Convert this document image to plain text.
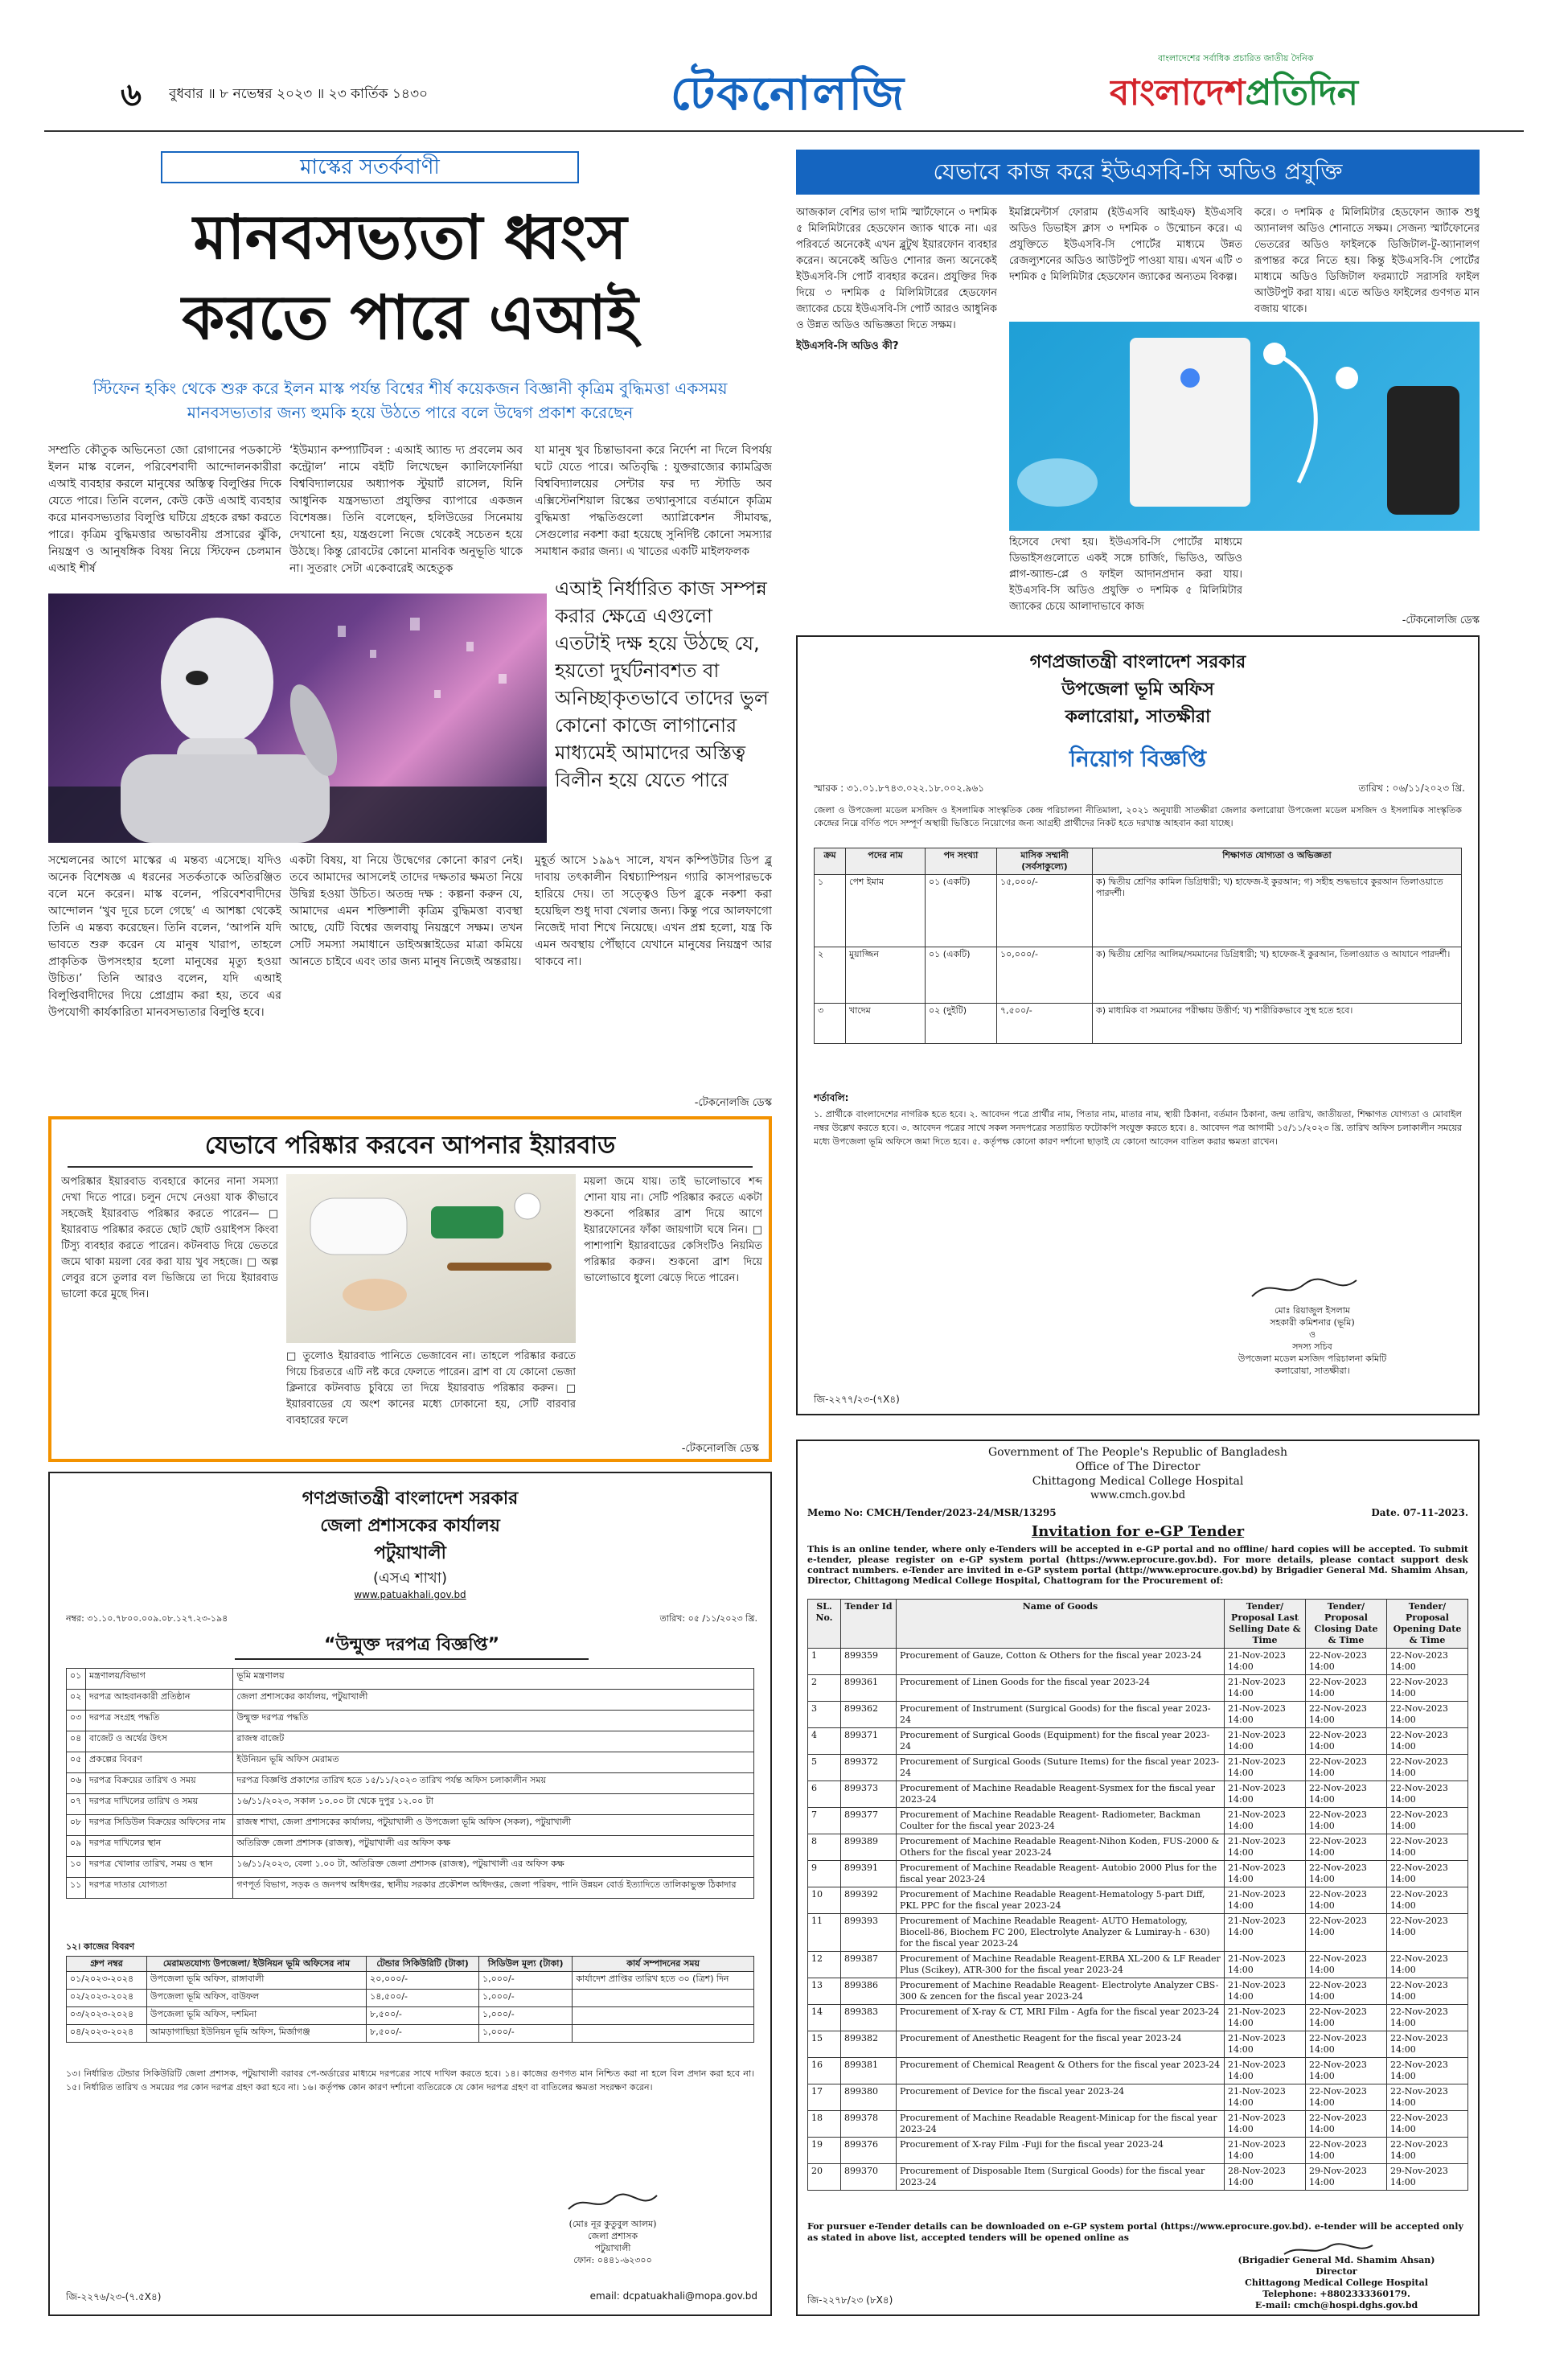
৬	বুধবার ॥ ৮ নভেম্বর ২০২৩ ॥ ২৩ কার্তিক ১৪৩০	টেকনোলজি
বাংলাদেশের সর্বাধিক প্রচারিত জাতীয় দৈনিক
বাংলাদেশপ্রতিদিন
মাস্কের সতর্কবাণী
মানবসভ্যতা ধ্বংস
করতে পারে এআই
স্টিফেন হকিং থেকে শুরু করে ইলন মাস্ক পর্যন্ত বিশ্বের শীর্ষ কয়েকজন বিজ্ঞানী কৃত্রিম বুদ্ধিমত্তা একসময় মানবসভ্যতার জন্য হুমকি হয়ে উঠতে পারে বলে উদ্বেগ প্রকাশ করেছেন
সম্প্রতি কৌতুক অভিনেতা জো রোগানের পডকাস্টে ইলন মাস্ক বলেন, পরিবেশবাদী আন্দোলনকারীরা এআই ব্যবহার করলে মানুষের অস্তিত্ব বিলুপ্তির দিকে যেতে পারে। তিনি বলেন, কেউ কেউ এআই ব্যবহার করে মানবসভ্যতার বিলুপ্তি ঘটিয়ে গ্রহকে রক্ষা করতে পারে। কৃত্রিম বুদ্ধিমত্তার অভাবনীয় প্রসারের ঝুঁকি, নিয়ন্ত্রণ ও আনুষঙ্গিক বিষয় নিয়ে স্টিফেন চেলমান এআই শীর্ষ
‘ইউম্যান কম্প্যাটিবল : এআই অ্যান্ড দ্য প্রবলেম অব কন্ট্রোল’ নামে বইটি লিখেছেন ক্যালিফোর্নিয়া বিশ্ববিদ্যালয়ের অধ্যাপক স্টুয়ার্ট রাসেল, যিনি আধুনিক যন্ত্রসভ্যতা প্রযুক্তির ব্যাপারে একজন বিশেষজ্ঞ। তিনি বলেছেন, হলিউডের সিনেমায় দেখানো হয়, যন্ত্রগুলো নিজে থেকেই সচেতন হয়ে উঠছে। কিন্তু রোবটের কোনো মানবিক অনুভূতি থাকে না। সুতরাং সেটা একেবারেই অহেতুক
যা মানুষ খুব চিন্তাভাবনা করে নির্দেশ না দিলে বিপর্যয় ঘটে যেতে পারে। অতিবৃদ্ধি : যুক্তরাজ্যের ক্যামব্রিজ বিশ্ববিদ্যালয়ের সেন্টার ফর দ্য স্টাডি অব এক্সিস্টেনশিয়াল রিস্কের তথ্যানুসারে বর্তমানে কৃত্রিম বুদ্ধিমত্তা পদ্ধতিগুলো অ্যাপ্লিকেশন সীমাবদ্ধ, সেগুলোর নকশা করা হয়েছে সুনির্দিষ্ট কোনো সমস্যার সমাধান করার জন্য। এ খাতের একটি মাইলফলক
এআই নির্ধারিত কাজ সম্পন্ন করার ক্ষেত্রে এগুলো এতটাই দক্ষ হয়ে উঠছে যে, হয়তো দুর্ঘটনাবশত বা অনিচ্ছাকৃতভাবে তাদের ভুল কোনো কাজে লাগানোর মাধ্যমেই আমাদের অস্তিত্ব বিলীন হয়ে যেতে পারে
সম্মেলনের আগে মাস্কের এ মন্তব্য এসেছে। যদিও অনেক বিশেষজ্ঞ এ ধরনের সতর্কতাকে অতিরঞ্জিত বলে মনে করেন। মাস্ক বলেন, পরিবেশবাদীদের আন্দোলন ‘খুব দূরে চলে গেছে’ এ আশঙ্কা থেকেই তিনি এ মন্তব্য করেছেন। তিনি বলেন, ‘আপনি যদি ভাবতে শুরু করেন যে মানুষ খারাপ, তাহলে প্রাকৃতিক উপসংহার হলো মানুষের মৃত্যু হওয়া উচিত।’ তিনি আরও বলেন, যদি এআই বিলুপ্তিবাদীদের দিয়ে প্রোগ্রাম করা হয়, তবে এর উপযোগী কার্যকারিতা মানবসভ্যতার বিলুপ্তি হবে।
একটা বিষয়, যা নিয়ে উদ্বেগের কোনো কারণ নেই। তবে আমাদের আসলেই তাদের দক্ষতার ক্ষমতা নিয়ে উদ্বিগ্ন হওয়া উচিত। অতন্দ্র দক্ষ : কল্পনা করুন যে, আমাদের এমন শক্তিশালী কৃত্রিম বুদ্ধিমত্তা ব্যবস্থা আছে, যেটি বিশ্বের জলবায়ু নিয়ন্ত্রণে সক্ষম। তখন সেটি সমস্যা সমাধানে ডাইঅক্সাইডের মাত্রা কমিয়ে আনতে চাইবে এবং তার জন্য মানুষ নিজেই অন্তরায়।
মুহূর্ত আসে ১৯৯৭ সালে, যখন কম্পিউটার ডিপ ব্লু দাবায় তৎকালীন বিশ্বচ্যাম্পিয়ন গ্যারি কাসপারভকে হারিয়ে দেয়। তা সত্ত্বেও ডিপ ব্লুকে নকশা করা হয়েছিল শুধু দাবা খেলার জন্য। কিন্তু পরে আলফাগো নিজেই দাবা শিখে নিয়েছে। এখন প্রশ্ন হলো, যন্ত্র কি এমন অবস্থায় পৌঁছাবে যেখানে মানুষের নিয়ন্ত্রণ আর থাকবে না।
-টেকনোলজি ডেস্ক
যেভাবে পরিষ্কার করবেন আপনার ইয়ারবাড
অপরিষ্কার ইয়ারবাড ব্যবহারে কানের নানা সমস্যা দেখা দিতে পারে। চলুন দেখে নেওয়া যাক কীভাবে সহজেই ইয়ারবাড পরিষ্কার করতে পারেন— □ ইয়ারবাড পরিষ্কার করতে ছোট ছোট ওয়াইপস কিংবা টিস্যু ব্যবহার করতে পারেন। কটনবাড দিয়ে ভেতরে জমে থাকা ময়লা বের করা যায় খুব সহজে। □ অল্প লেবুর রসে তুলার বল ভিজিয়ে তা দিয়ে ইয়ারবাড ভালো করে মুছে দিন।
□ তুলোও ইয়ারবাড পানিতে ভেজাবেন না। তাহলে পরিষ্কার করতে গিয়ে চিরতরে এটি নষ্ট করে ফেলতে পারেন। ব্রাশ বা যে কোনো ভেজা ক্লিনারে কটনবাড চুবিয়ে তা দিয়ে ইয়ারবাড পরিষ্কার করুন। □ ইয়ারবাডের যে অংশ কানের মধ্যে ঢোকানো হয়, সেটি বারবার ব্যবহারের ফলে
ময়লা জমে যায়। তাই ভালোভাবে শব্দ শোনা যায় না। সেটি পরিষ্কার করতে একটা শুকনো পরিষ্কার ব্রাশ দিয়ে আগে ইয়ারফোনের ফাঁকা জায়গাটা ঘষে নিন। □ পাশাপাশি ইয়ারবাডের কেসিংটিও নিয়মিত পরিষ্কার করুন। শুকনো ব্রাশ দিয়ে ভালোভাবে ধুলো ঝেড়ে দিতে পারেন।
-টেকনোলজি ডেস্ক
যেভাবে কাজ করে ইউএসবি-সি অডিও প্রযুক্তি
আজকাল বেশির ভাগ দামি স্মার্টফোনে ৩ দশমিক ৫ মিলিমিটারের হেডফোন জ্যাক থাকে না। এর পরিবর্তে অনেকেই এখন ব্লুটুথ ইয়ারফোন ব্যবহার করেন। অনেকেই অডিও শোনার জন্য অনেকেই ইউএসবি-সি পোর্ট ব্যবহার করেন। প্রযুক্তির দিক দিয়ে ৩ দশমিক ৫ মিলিমিটারের হেডফোন জ্যাকের চেয়ে ইউএসবি-সি পোর্ট আরও আধুনিক ও উন্নত অডিও অভিজ্ঞতা দিতে সক্ষম।
ইউএসবি-সি অডিও কী?
ইমপ্লিমেন্টার্স ফোরাম (ইউএসবি আইএফ) ইউএসবি অডিও ডিভাইস ক্লাস ৩ দশমিক ০ উন্মোচন করে। এ প্রযুক্তিতে ইউএসবি-সি পোর্টের মাধ্যমে উন্নত রেজল্যুশনের অডিও আউটপুট পাওয়া যায়। এখন এটি ৩ দশমিক ৫ মিলিমিটার হেডফোন জ্যাকের অন্যতম বিকল্প।
করে। ৩ দশমিক ৫ মিলিমিটার হেডফোন জ্যাক শুধু অ্যানালগ অডিও শোনাতে সক্ষম। সেজন্য স্মার্টফোনের ভেতরের অডিও ফাইলকে ডিজিটাল-টু-অ্যানালগ রূপান্তর করে নিতে হয়। কিন্তু ইউএসবি-সি পোর্টের মাধ্যমে অডিও ডিজিটাল ফরম্যাটে সরাসরি ফাইল আউটপুট করা যায়। এতে অডিও ফাইলের গুণগত মান বজায় থাকে।
হিসেবে দেখা হয়। ইউএসবি-সি পোর্টের মাধ্যমে ডিভাইসগুলোতে একই সঙ্গে চার্জিং, ভিডিও, অডিও প্লাগ-অ্যান্ড-প্লে ও ফাইল আদানপ্রদান করা যায়। ইউএসবি-সি অডিও প্রযুক্তি ৩ দশমিক ৫ মিলিমিটার জ্যাকের চেয়ে আলাদাভাবে কাজ
-টেকনোলজি ডেস্ক
গণপ্রজাতন্ত্রী বাংলাদেশ সরকার
উপজেলা ভূমি অফিস
কলারোয়া, সাতক্ষীরা
নিয়োগ বিজ্ঞপ্তি
স্মারক : ৩১.০১.৮৭৪৩.০২২.১৮.০০২.৯৬১	তারিখ : ০৬/১১/২০২৩ খ্রি.
জেলা ও উপজেলা মডেল মসজিদ ও ইসলামিক সাংস্কৃতিক কেন্দ্র পরিচালনা নীতিমালা, ২০২১ অনুযায়ী সাতক্ষীরা জেলার কলারোয়া উপজেলা মডেল মসজিদ ও ইসলামিক সাংস্কৃতিক কেন্দ্রের নিম্নে বর্ণিত পদে সম্পূর্ণ অস্থায়ী ভিত্তিতে নিয়োগের জন্য আগ্রহী প্রার্থীদের নিকট হতে দরখাস্ত আহবান করা যাচ্ছে।
ক্রম	পদের নাম	পদ সংখ্যা	মাসিক সম্মানী (সর্বসাকুল্যে)	শিক্ষাগত যোগ্যতা ও অভিজ্ঞতা
১	পেশ ইমাম	০১ (একটি)	১৫,০০০/-	ক) দ্বিতীয় শ্রেণির কামিল ডিগ্রিধারী; খ) হাফেজ-ই কুরআন; গ) সহীহ শুদ্ধভাবে কুরআন তিলাওয়াতে পারদর্শী।
২	মুয়াজ্জিন	০১ (একটি)	১০,০০০/-	ক) দ্বিতীয় শ্রেণির আলিম/সমমানের ডিগ্রিধারী; খ) হাফেজ-ই কুরআন, তিলাওয়াত ও আযানে পারদর্শী।
৩	খাদেম	০২ (দুইটি)	৭,৫০০/-	ক) মাধ্যমিক বা সমমানের পরীক্ষায় উত্তীর্ণ; খ) শারীরিকভাবে সুস্থ হতে হবে।
শর্তাবলি:
১. প্রার্থীকে বাংলাদেশের নাগরিক হতে হবে। ২. আবেদন পত্রে প্রার্থীর নাম, পিতার নাম, মাতার নাম, স্থায়ী ঠিকানা, বর্তমান ঠিকানা, জন্ম তারিখ, জাতীয়তা, শিক্ষাগত যোগ্যতা ও মোবাইল নম্বর উল্লেখ করতে হবে। ৩. আবেদন পত্রের সাথে সকল সনদপত্রের সত্যায়িত ফটোকপি সংযুক্ত করতে হবে। ৪. আবেদন পত্র আগামী ১৫/১১/২০২৩ খ্রি. তারিখ অফিস চলাকালীন সময়ের মধ্যে উপজেলা ভূমি অফিসে জমা দিতে হবে। ৫. কর্তৃপক্ষ কোনো কারণ দর্শানো ছাড়াই যে কোনো আবেদন বাতিল করার ক্ষমতা রাখেন।
মোঃ রিয়াজুল ইসলাম
সহকারী কমিশনার (ভূমি)
ও
সদস্য সচিব
উপজেলা মডেল মসজিদ পরিচালনা কমিটি
কলারোয়া, সাতক্ষীরা।
জি-২২৭৭/২৩-(৭X৪)
গণপ্রজাতন্ত্রী বাংলাদেশ সরকার
জেলা প্রশাসকের কার্যালয়
পটুয়াখালী
(এসএ শাখা)
www.patuakhali.gov.bd
নম্বর: ৩১.১০.৭৮০০.০০৯.০৮.১২৭.২৩-১৯৪	তারিখ: ০৫ /১১/২০২৩ খ্রি.
“উন্মুক্ত দরপত্র বিজ্ঞপ্তি”
০১	মন্ত্রণালয়/বিভাগ	ভূমি মন্ত্রণালয়
০২	দরপত্র আহবানকারী প্রতিষ্ঠান	জেলা প্রশাসকের কার্যালয়, পটুয়াখালী
০৩	দরপত্র সংগ্রহ পদ্ধতি	উন্মুক্ত দরপত্র পদ্ধতি
০৪	বাজেট ও অর্থের উৎস	রাজস্ব বাজেট
০৫	প্রকল্পের বিবরণ	ইউনিয়ন ভূমি অফিস মেরামত
০৬	দরপত্র বিক্রয়ের তারিখ ও সময়	দরপত্র বিজ্ঞপ্তি প্রকাশের তারিখ হতে ১৫/১১/২০২৩ তারিখ পর্যন্ত অফিস চলাকালীন সময়
০৭	দরপত্র দাখিলের তারিখ ও সময়	১৬/১১/২০২৩, সকাল ১০.০০ টা থেকে দুপুর ১২.০০ টা
০৮	দরপত্র সিডিউল বিক্রয়ের অফিসের নাম	রাজস্ব শাখা, জেলা প্রশাসকের কার্যালয়, পটুয়াখালী ও উপজেলা ভূমি অফিস (সকল), পটুয়াখালী
০৯	দরপত্র দাখিলের স্থান	অতিরিক্ত জেলা প্রশাসক (রাজস্ব), পটুয়াখালী এর অফিস কক্ষ
১০	দরপত্র খোলার তারিখ, সময় ও স্থান	১৬/১১/২০২৩, বেলা ১.০০ টা, অতিরিক্ত জেলা প্রশাসক (রাজস্ব), পটুয়াখালী এর অফিস কক্ষ
১১	দরপত্র দাতার যোগ্যতা	গণপূর্ত বিভাগ, সড়ক ও জনপথ অধিদপ্তর, স্থানীয় সরকার প্রকৌশল অধিদপ্তর, জেলা পরিষদ, পানি উন্নয়ন বোর্ড ইত্যাদিতে তালিকাভুক্ত ঠিকাদার
১২। কাজের বিবরণ
গ্রুপ নম্বর	মেরামতযোগ্য উপজেলা/ ইউনিয়ন ভূমি অফিসের নাম	টেন্ডার সিকিউরিটি (টাকা)	সিডিউল মূল্য (টাকা)	কার্য সম্পাদনের সময়
০১/২০২৩-২০২৪	উপজেলা ভূমি অফিস, রাঙ্গাবালী	২০,০০০/-	১,০০০/-	কার্যাদেশ প্রাপ্তির তারিখ হতে ৩০ (ত্রিশ) দিন
০২/২০২৩-২০২৪	উপজেলা ভূমি অফিস, বাউফল	১৪,৫০০/-	১,০০০/-	
০৩/২০২৩-২০২৪	উপজেলা ভূমি অফিস, দশমিনা	৮,৫০০/-	১,০০০/-	
০৪/২০২৩-২০২৪	আমড়াগাছিয়া ইউনিয়ন ভূমি অফিস, মির্জাগঞ্জ	৮,৫০০/-	১,০০০/-	
১৩। নির্ধারিত টেন্ডার সিকিউরিটি জেলা প্রশাসক, পটুয়াখালী বরাবর পে-অর্ডারের মাধ্যমে দরপত্রের সাথে দাখিল করতে হবে। ১৪। কাজের গুণগত মান নিশ্চিত করা না হলে বিল প্রদান করা হবে না। ১৫। নির্ধারিত তারিখ ও সময়ের পর কোন দরপত্র গ্রহণ করা হবে না। ১৬। কর্তৃপক্ষ কোন কারণ দর্শানো ব্যতিরেকে যে কোন দরপত্র গ্রহণ বা বাতিলের ক্ষমতা সংরক্ষণ করেন।
(মোঃ নূর কুতুবুল আলম)
জেলা প্রশাসক
পটুয়াখালী
ফোন: ০৪৪১-৬২৩০০
জি-২২৭৬/২৩-(৭.৫X৪)	email: dcpatuakhali@mopa.gov.bd
Government of The People's Republic of Bangladesh
Office of The Director
Chittagong Medical College Hospital
www.cmch.gov.bd
Memo No: CMCH/Tender/2023-24/MSR/13295	Date. 07-11-2023.
Invitation for e-GP Tender
This is an online tender, where only e-Tenders will be accepted in e-GP portal and no offline/ hard copies will be accepted. To submit e-tender, please register on e-GP system portal (https://www.eprocure.gov.bd). For more details, please contact support desk contract numbers. e-Tender are invited in e-GP system portal (http://www.eprocure.gov.bd) by Brigadier General Md. Shamim Ahsan, Director, Chittagong Medical College Hospital, Chattogram for the Procurement of:
SL. No.	Tender Id	Name of Goods	Tender/ Proposal Last Selling Date & Time	Tender/ Proposal Closing Date & Time	Tender/ Proposal Opening Date & Time
1	899359	Procurement of Gauze, Cotton & Others for the fiscal year 2023-24	21-Nov-2023 14:00	22-Nov-2023 14:00	22-Nov-2023 14:00
2	899361	Procurement of Linen Goods for the fiscal year 2023-24	21-Nov-2023 14:00	22-Nov-2023 14:00	22-Nov-2023 14:00
3	899362	Procurement of Instrument (Surgical Goods) for the fiscal year 2023-24	21-Nov-2023 14:00	22-Nov-2023 14:00	22-Nov-2023 14:00
4	899371	Procurement of Surgical Goods (Equipment) for the fiscal year 2023-24	21-Nov-2023 14:00	22-Nov-2023 14:00	22-Nov-2023 14:00
5	899372	Procurement of Surgical Goods (Suture Items) for the fiscal year 2023-24	21-Nov-2023 14:00	22-Nov-2023 14:00	22-Nov-2023 14:00
6	899373	Procurement of Machine Readable Reagent-Sysmex for the fiscal year 2023-24	21-Nov-2023 14:00	22-Nov-2023 14:00	22-Nov-2023 14:00
7	899377	Procurement of Machine Readable Reagent- Radiometer, Backman Coulter for the fiscal year 2023-24	21-Nov-2023 14:00	22-Nov-2023 14:00	22-Nov-2023 14:00
8	899389	Procurement of Machine Readable Reagent-Nihon Koden, FUS-2000 & Others for the fiscal year 2023-24	21-Nov-2023 14:00	22-Nov-2023 14:00	22-Nov-2023 14:00
9	899391	Procurement of Machine Readable Reagent- Autobio 2000 Plus for the fiscal year 2023-24	21-Nov-2023 14:00	22-Nov-2023 14:00	22-Nov-2023 14:00
10	899392	Procurement of Machine Readable Reagent-Hematology 5-part Diff, PKL PPC for the fiscal year 2023-24	21-Nov-2023 14:00	22-Nov-2023 14:00	22-Nov-2023 14:00
11	899393	Procurement of Machine Readable Reagent- AUTO Hematology, Biocell-86, Biochem FC 200, Electrolyte Analyzer & Lumiray-h - 630) for the fiscal year 2023-24	21-Nov-2023 14:00	22-Nov-2023 14:00	22-Nov-2023 14:00
12	899387	Procurement of Machine Readable Reagent-ERBA XL-200 & LF Reader Plus (Scikey), ATR-300 for the fiscal year 2023-24	21-Nov-2023 14:00	22-Nov-2023 14:00	22-Nov-2023 14:00
13	899386	Procurement of Machine Readable Reagent- Electrolyte Analyzer CBS-300 & zencen for the fiscal year 2023-24	21-Nov-2023 14:00	22-Nov-2023 14:00	22-Nov-2023 14:00
14	899383	Procurement of X-ray & CT, MRI Film - Agfa for the fiscal year 2023-24	21-Nov-2023 14:00	22-Nov-2023 14:00	22-Nov-2023 14:00
15	899382	Procurement of Anesthetic Reagent for the fiscal year 2023-24	21-Nov-2023 14:00	22-Nov-2023 14:00	22-Nov-2023 14:00
16	899381	Procurement of Chemical Reagent & Others for the fiscal year 2023-24	21-Nov-2023 14:00	22-Nov-2023 14:00	22-Nov-2023 14:00
17	899380	Procurement of Device for the fiscal year 2023-24	21-Nov-2023 14:00	22-Nov-2023 14:00	22-Nov-2023 14:00
18	899378	Procurement of Machine Readable Reagent-Minicap for the fiscal year 2023-24	21-Nov-2023 14:00	22-Nov-2023 14:00	22-Nov-2023 14:00
19	899376	Procurement of X-ray Film -Fuji for the fiscal year 2023-24	21-Nov-2023 14:00	22-Nov-2023 14:00	22-Nov-2023 14:00
20	899370	Procurement of Disposable Item (Surgical Goods) for the fiscal year 2023-24	28-Nov-2023 14:00	29-Nov-2023 14:00	29-Nov-2023 14:00
For pursuer e-Tender details can be downloaded on e-GP system portal (https://www.eprocure.gov.bd). e-tender will be accepted only as stated in above list, accepted tenders will be opened online as
(Brigadier General Md. Shamim Ahsan)
Director
Chittagong Medical College Hospital
Telephone: +8802333360179.
E-mail: cmch@hospi.dghs.gov.bd
জি-২২৭৮/২৩ (৮X৪)
